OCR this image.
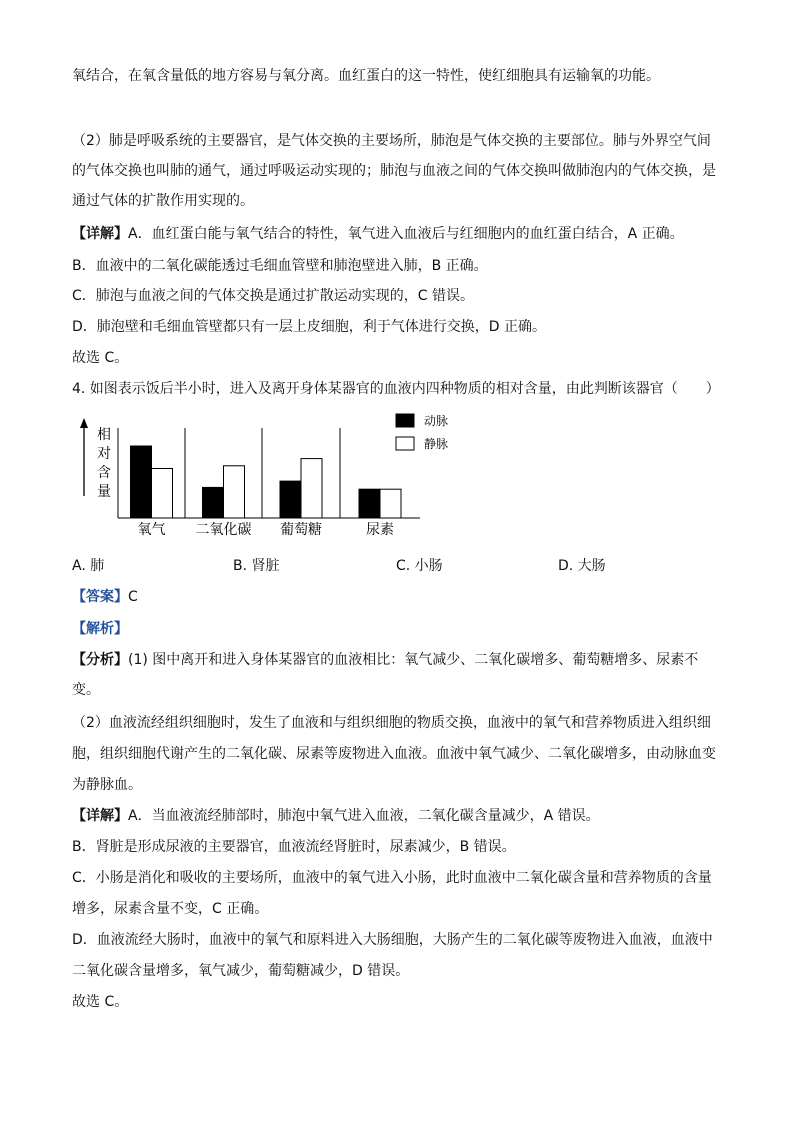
氧结合，在氧含量低的地方容易与氧分离。血红蛋白的这一特性，使红细胞具有运输氧的功能。
（2）肺是呼吸系统的主要器官，是气体交换的主要场所，肺泡是气体交换的主要部位。肺与外界空气间
的气体交换也叫肺的通气，通过呼吸运动实现的；肺泡与血液之间的气体交换叫做肺泡内的气体交换，是
通过气体的扩散作用实现的。
【详解】A．血红蛋白能与氧气结合的特性，氧气进入血液后与红细胞内的血红蛋白结合，A 正确。
B．血液中的二氧化碳能透过毛细血管壁和肺泡壁进入肺，B 正确。
C．肺泡与血液之间的气体交换是通过扩散运动实现的，C 错误。
D．肺泡壁和毛细血管壁都只有一层上皮细胞，利于气体进行交换，D 正确。
故选 C。
4. 如图表示饭后半小时，进入及离开身体某器官的血液内四种物质的相对含量，由此判断该器官（　　）
相
对
含
量
氧气 二氧化碳 葡萄糖	尿素
动脉
静脉
A. 肺	B. 肾脏	C. 小肠	D. 大肠
【答案】C
【解析】
【分析】(1) 图中离开和进入身体某器官的血液相比：氧气减少、二氧化碳增多、葡萄糖增多、尿素不
变。
（2）血液流经组织细胞时，发生了血液和与组织细胞的物质交换，血液中的氧气和营养物质进入组织细
胞，组织细胞代谢产生的二氧化碳、尿素等废物进入血液。血液中氧气减少、二氧化碳增多，由动脉血变
为静脉血。
【详解】A．当血液流经肺部时，肺泡中氧气进入血液，二氧化碳含量减少，A 错误。
B．肾脏是形成尿液的主要器官，血液流经肾脏时，尿素减少，B 错误。
C．小肠是消化和吸收的主要场所，血液中的氧气进入小肠，此时血液中二氧化碳含量和营养物质的含量
增多，尿素含量不变，C 正确。
D．血液流经大肠时，血液中的氧气和原料进入大肠细胞，大肠产生的二氧化碳等废物进入血液，血液中
二氧化碳含量增多，氧气减少，葡萄糖减少，D 错误。
故选 C。
